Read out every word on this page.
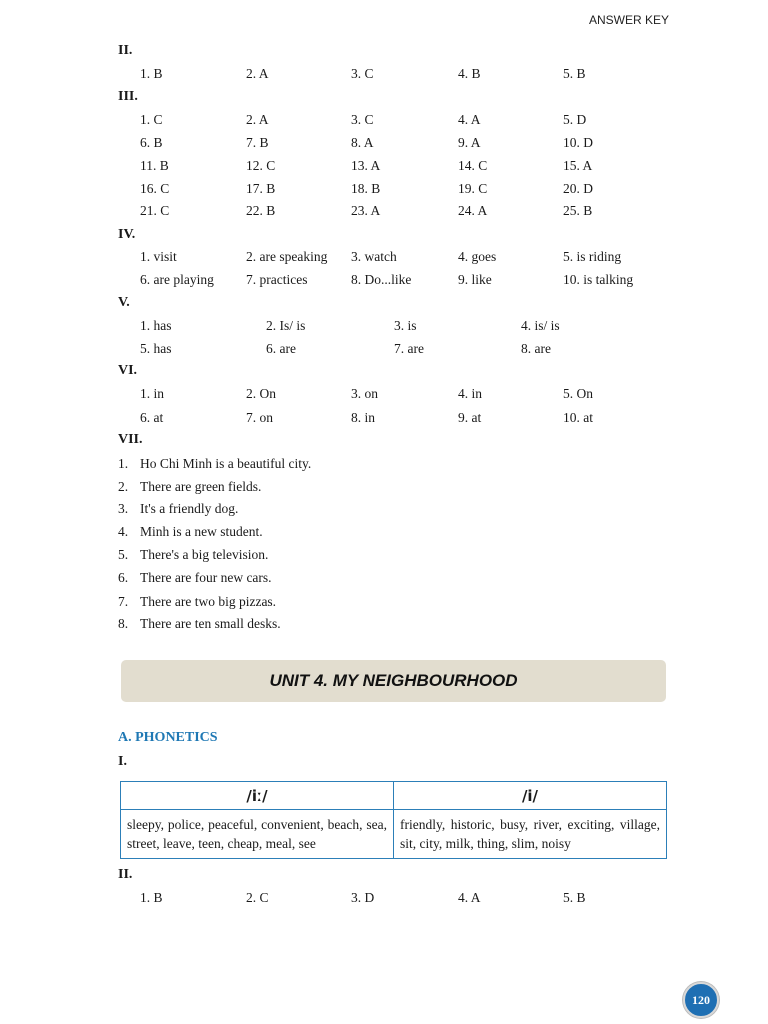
ANSWER KEY
II.
1. B	2. A	3. C	4. B	5. B
III.
1. C	2. A	3. C	4. A	5. D
6. B	7. B	8. A	9. A	10. D
11. B	12. C	13. A	14. C	15. A
16. C	17. B	18. B	19. C	20. D
21. C	22. B	23. A	24. A	25. B
IV.
1. visit	2. are speaking 3. watch	4. goes	5. is riding
6. are playing 7. practices	8. Do...like	9. like	10. is talking
V.
1. has	2. Is/ is	3. is	4. is/ is
5. has	6. are	7. are	8. are
VI.
1. in	2. On	3. on	4. in	5. On
6. at	7. on	8. in	9. at	10. at
VII.
1. Ho Chi Minh is a beautiful city.
2. There are green fields.
3. It's a friendly dog.
4. Minh is a new student.
5. There's a big television.
6. There are four new cars.
7. There are two big pizzas.
8. There are ten small desks.
UNIT 4. MY NEIGHBOURHOOD
A. PHONETICS
I.
/iː/	/i/
sleepy, police, peaceful, convenient, beach, sea, street, leave, teen, cheap, meal, see	friendly, historic, busy, river, exciting, village, sit, city, milk, thing, slim, noisy
II.
1. B	2. C	3. D	4. A	5. B
120
